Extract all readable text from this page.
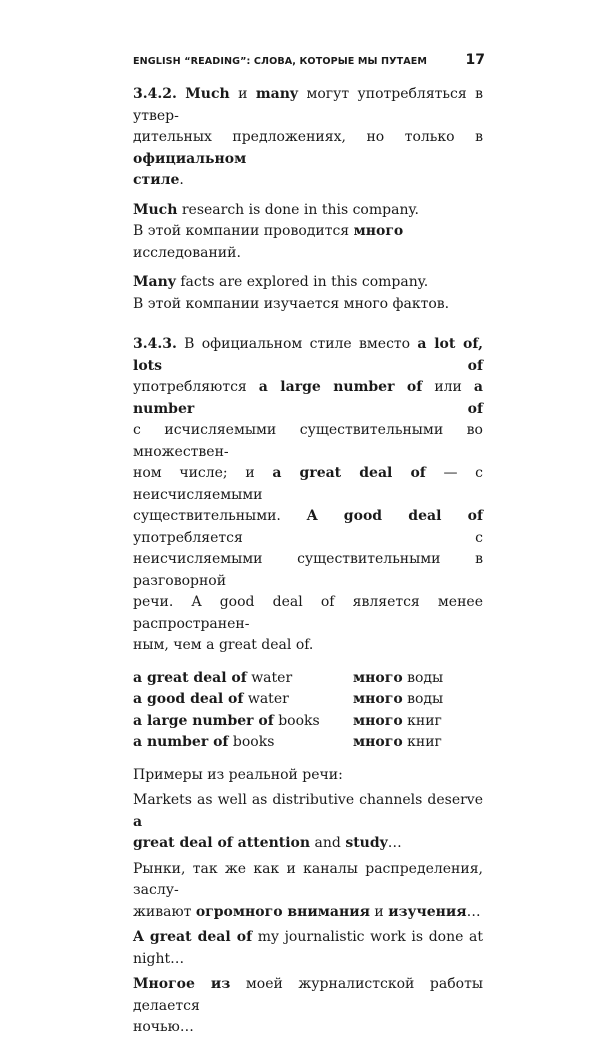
ENGLISH “READING”: СЛОВА, КОТОРЫЕ МЫ ПУТАЕМ	17

3.4.2. Much и many могут употребляться в утвер-

дительных предложениях, но только в официальном

стиле.

Much research is done in this company.

В этой компании проводится много исследований.

Many facts are explored in this company.

В этой компании изучается много фактов.

3.4.3. В официальном стиле вместо a lot of, lots of

употребляются a large number of или a number of

с исчисляемыми существительными во множествен-

ном числе; и a great deal of — с неисчисляемыми

существительными. A good deal of употребляется с

неисчисляемыми существительными в разговорной

речи. A good deal of является менее распространен-

ным, чем a great deal of.

a great deal of water	много воды
a good deal of water	много воды
a large number of books	много книг
a number of books	много книг

Примеры из реальной речи:

Markets as well as distributive channels deserve a

great deal of attention and study…

Рынки, так же как и каналы распределения, заслу-

живают огромного внимания и изучения…

A great deal of my journalistic work is done at

night…

Многое из моей журналистской работы делается

ночью…
